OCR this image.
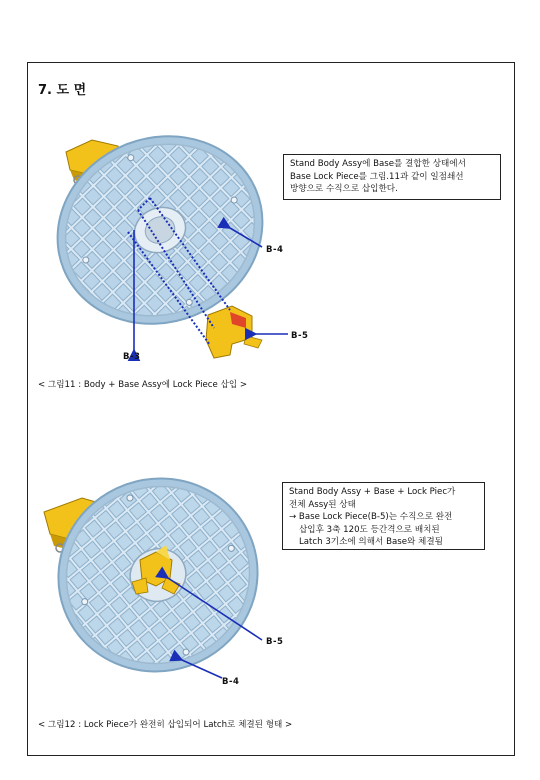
7. 도 면
Stand Body Assy에 Base를 결합한 상태에서
Base Lock Piece를 그림.11과 같이 일점쇄선
방향으로 수직으로 삽입한다.
B-4
B-5
B-3
< 그림11 : Body + Base Assy에 Lock Piece 삽입 >
Stand Body Assy + Base + Lock Piec가
전체 Assy된 상태
→ Base Lock Piece(B-5)는 수직으로 완전
삽입후 3축 120도 등간격으로 배치된
Latch 3기소에 의해서 Base와 체결됨
B-5
B-4
< 그림12 : Lock Piece가 완전히 삽입되어 Latch로 체결된 형태 >
